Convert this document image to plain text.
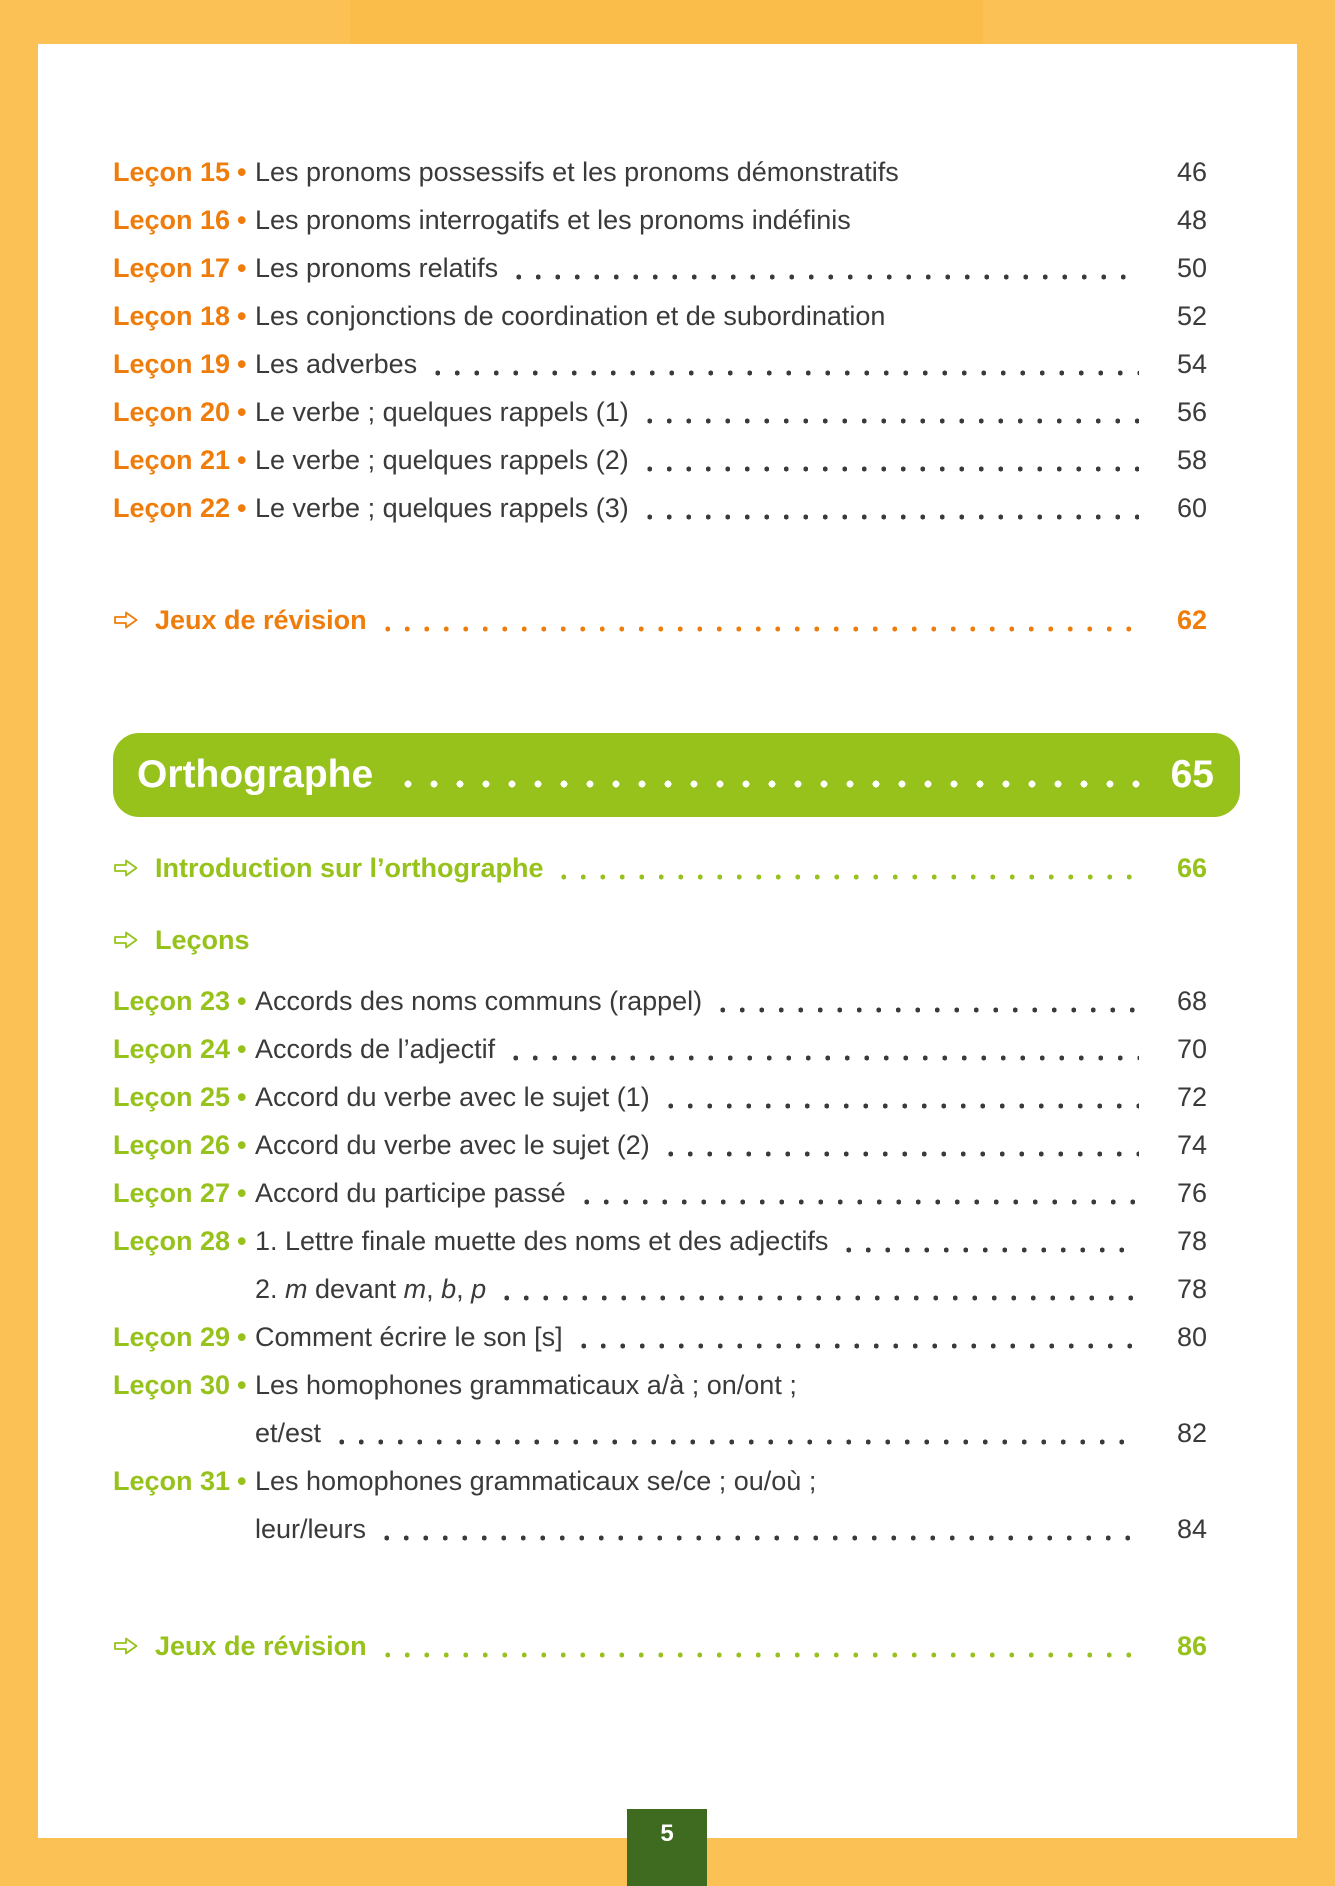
Leçon 15 • Les pronoms possessifs et les pronoms démonstratifs	46
Leçon 16 • Les pronoms interrogatifs et les pronoms indéfinis	48
Leçon 17 • Les pronoms relatifs	50
Leçon 18 • Les conjonctions de coordination et de subordination	52
Leçon 19 • Les adverbes	54
Leçon 20 • Le verbe ; quelques rappels (1)	56
Leçon 21 • Le verbe ; quelques rappels (2)	58
Leçon 22 • Le verbe ; quelques rappels (3)	60
Jeux de révision	62
Orthographe	65
Introduction sur l’orthographe	66
Leçons
Leçon 23 • Accords des noms communs (rappel)	68
Leçon 24 • Accords de l’adjectif	70
Leçon 25 • Accord du verbe avec le sujet (1)	72
Leçon 26 • Accord du verbe avec le sujet (2)	74
Leçon 27 • Accord du participe passé	76
Leçon 28 • 1. Lettre finale muette des noms et des adjectifs	78
2. m devant m, b, p	78
Leçon 29 • Comment écrire le son [s]	80
Leçon 30 • Les homophones grammaticaux a/à ; on/ont ;
et/est	82
Leçon 31 • Les homophones grammaticaux se/ce ; ou/où ;
leur/leurs	84
Jeux de révision	86
5
